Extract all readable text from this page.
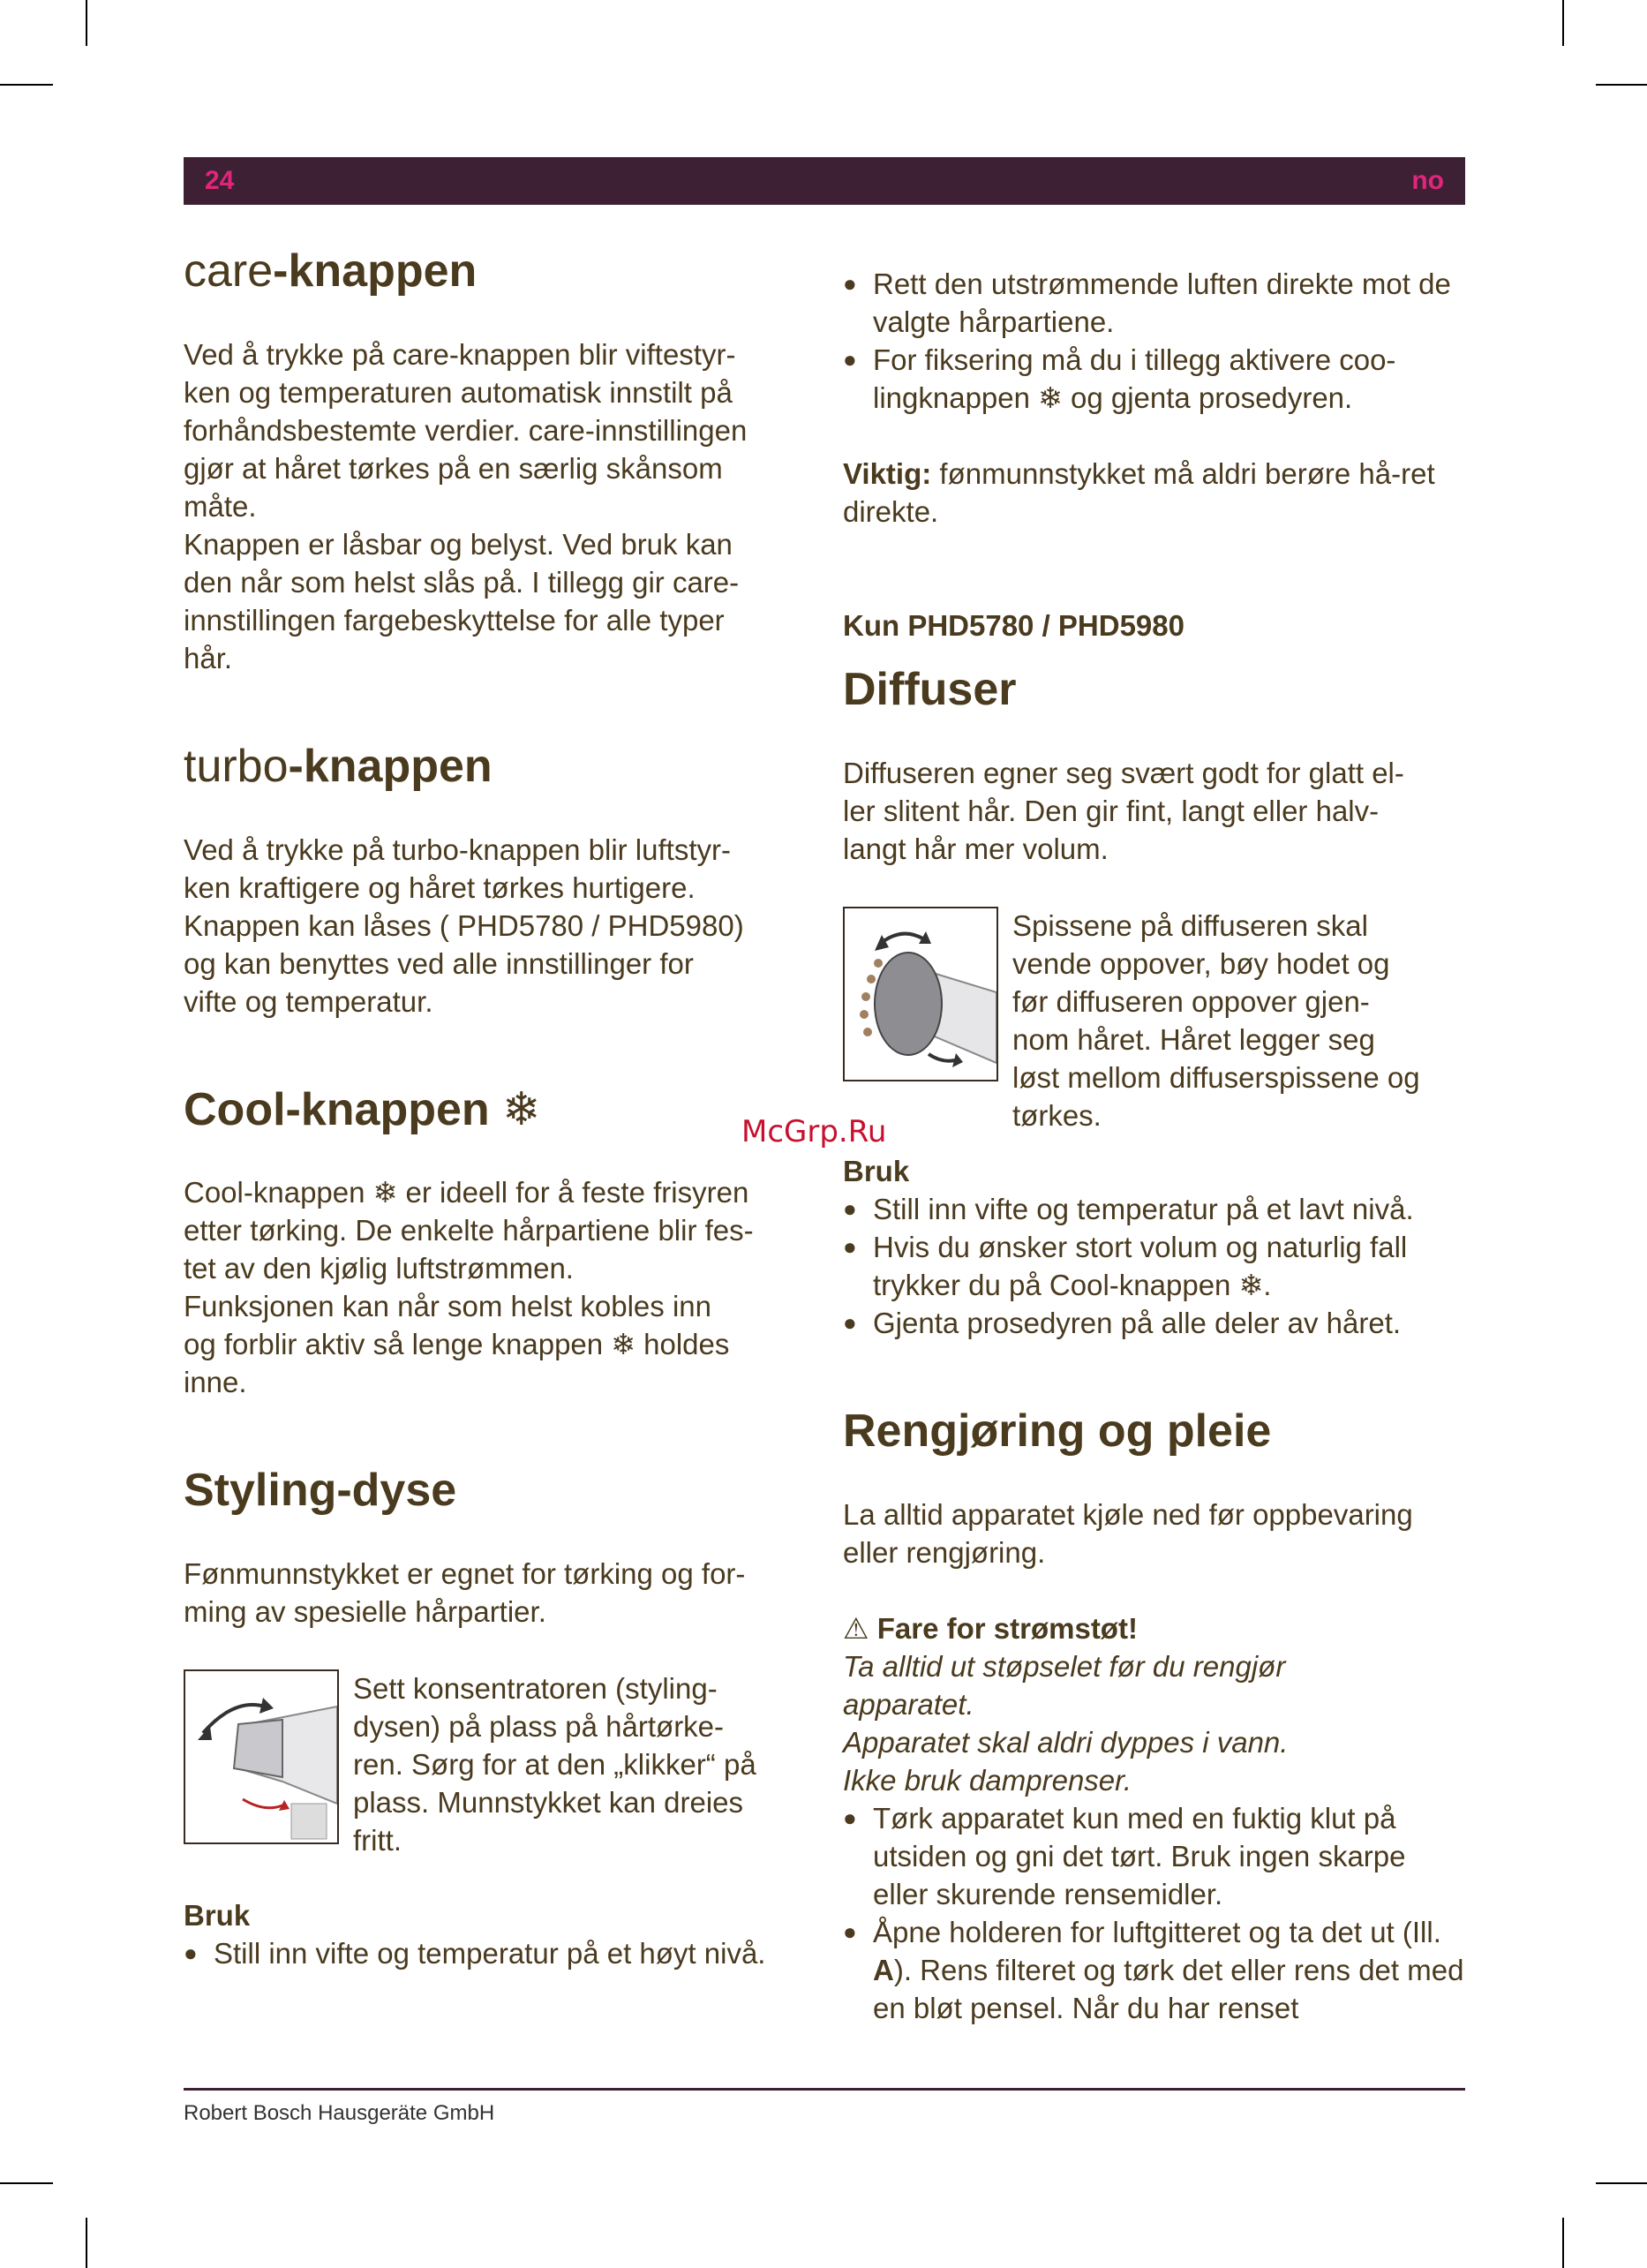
24	no
care-knappen

Ved å trykke på care-knappen blir viftestyr-

ken og temperaturen automatisk innstilt på

forhåndsbestemte verdier. care-innstillingen

gjør at håret tørkes på en særlig skånsom

måte.

Knappen er låsbar og belyst. Ved bruk kan

den når som helst slås på. I tillegg gir care-

innstillingen fargebeskyttelse for alle typer

hår.

turbo-knappen

Ved å trykke på turbo-knappen blir luftstyr-

ken kraftigere og håret tørkes hurtigere.

Knappen kan låses ( PHD5780 / PHD5980)

og kan benyttes ved alle innstillinger for

vifte og temperatur.

Cool-knappen ❄

Cool-knappen ❄ er ideell for å feste frisyren

etter tørking. De enkelte hårpartiene blir fes-

tet av den kjølig luftstrømmen.

Funksjonen kan når som helst kobles inn

og forblir aktiv så lenge knappen ❄ holdes

inne.

Styling-dyse

Fønmunnstykket er egnet for tørking og for-

ming av spesielle hårpartier.

Sett konsentratoren (styling-

dysen) på plass på hårtørke-

ren. Sørg for at den „klikker“ på

plass. Munnstykket kan dreies

fritt.

Bruk
● Still inn vifte og temperatur på et høyt nivå.
● Rett den utstrømmende luften direkte mot de valgte hårpartiene.
● For fiksering må du i tillegg aktivere coo-lingknappen ❄ og gjenta prosedyren.

Viktig: fønmunnstykket må aldri berøre hå-ret direkte.

Kun PHD5780 / PHD5980
Diffuser

Diffuseren egner seg svært godt for glatt el-

ler slitent hår. Den gir fint, langt eller halv-

langt hår mer volum.

Spissene på diffuseren skal

vende oppover, bøy hodet og

før diffuseren oppover gjen-

nom håret. Håret legger seg

løst mellom diffuserspissene og

tørkes.

Bruk
● Still inn vifte og temperatur på et lavt nivå.
● Hvis du ønsker stort volum og naturlig fall trykker du på Cool-knappen ❄.
● Gjenta prosedyren på alle deler av håret.
Rengjøring og pleie

La alltid apparatet kjøle ned før oppbevaring

eller rengjøring.

⚠ Fare for strømstøt!

Ta alltid ut støpselet før du rengjør

apparatet.

Apparatet skal aldri dyppes i vann.

Ikke bruk damprenser.

● Tørk apparatet kun med en fuktig klut på utsiden og gni det tørt. Bruk ingen skarpe eller skurende rensemidler.
● Åpne holderen for luftgitteret og ta det ut (Ill. A). Rens filteret og tørk det eller rens det med en bløt pensel. Når du har renset
McGrp.Ru
Robert Bosch Hausgeräte GmbH
